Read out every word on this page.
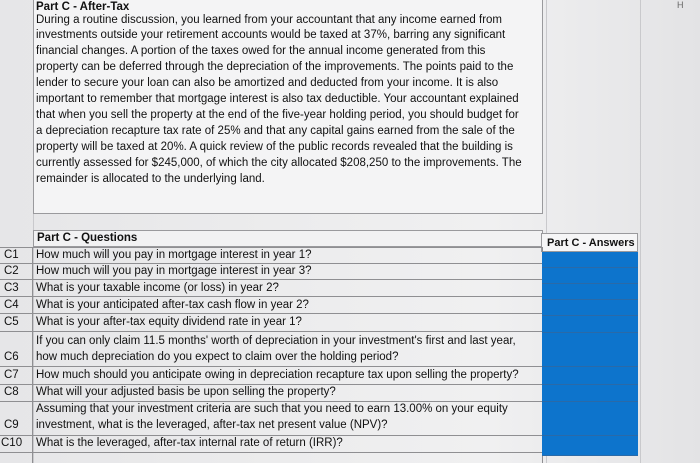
H
Part C - After-Tax
During a routine discussion, you learned from your accountant that any income earned from
investments outside your retirement accounts would be taxed at 37%, barring any significant
financial changes. A portion of the taxes owed for the annual income generated from this
property can be deferred through the depreciation of the improvements. The points paid to the
lender to secure your loan can also be amortized and deducted from your income. It is also
important to remember that mortgage interest is also tax deductible. Your accountant explained
that when you sell the property at the end of the five-year holding period, you should budget for
a depreciation recapture tax rate of 25% and that any capital gains earned from the sale of the
property will be taxed at 20%. A quick review of the public records revealed that the building is
currently assessed for $245,000, of which the city allocated $208,250 to the improvements. The
remainder is allocated to the underlying land.
Part C - Questions	Part C - Answers
C1 How much will you pay in mortgage interest in year 1?
C2 How much will you pay in mortgage interest in year 3?
C3 What is your taxable income (or loss) in year 2?
C4 What is your anticipated after-tax cash flow in year 2?
C5 What is your after-tax equity dividend rate in year 1?
If you can only claim 11.5 months' worth of depreciation in your investment's first and last year,
C6 how much depreciation do you expect to claim over the holding period?
C7 How much should you anticipate owing in depreciation recapture tax upon selling the property?
C8 What will your adjusted basis be upon selling the property?
Assuming that your investment criteria are such that you need to earn 13.00% on your equity
C9 investment, what is the leveraged, after-tax net present value (NPV)?
C10 What is the leveraged, after-tax internal rate of return (IRR)?
